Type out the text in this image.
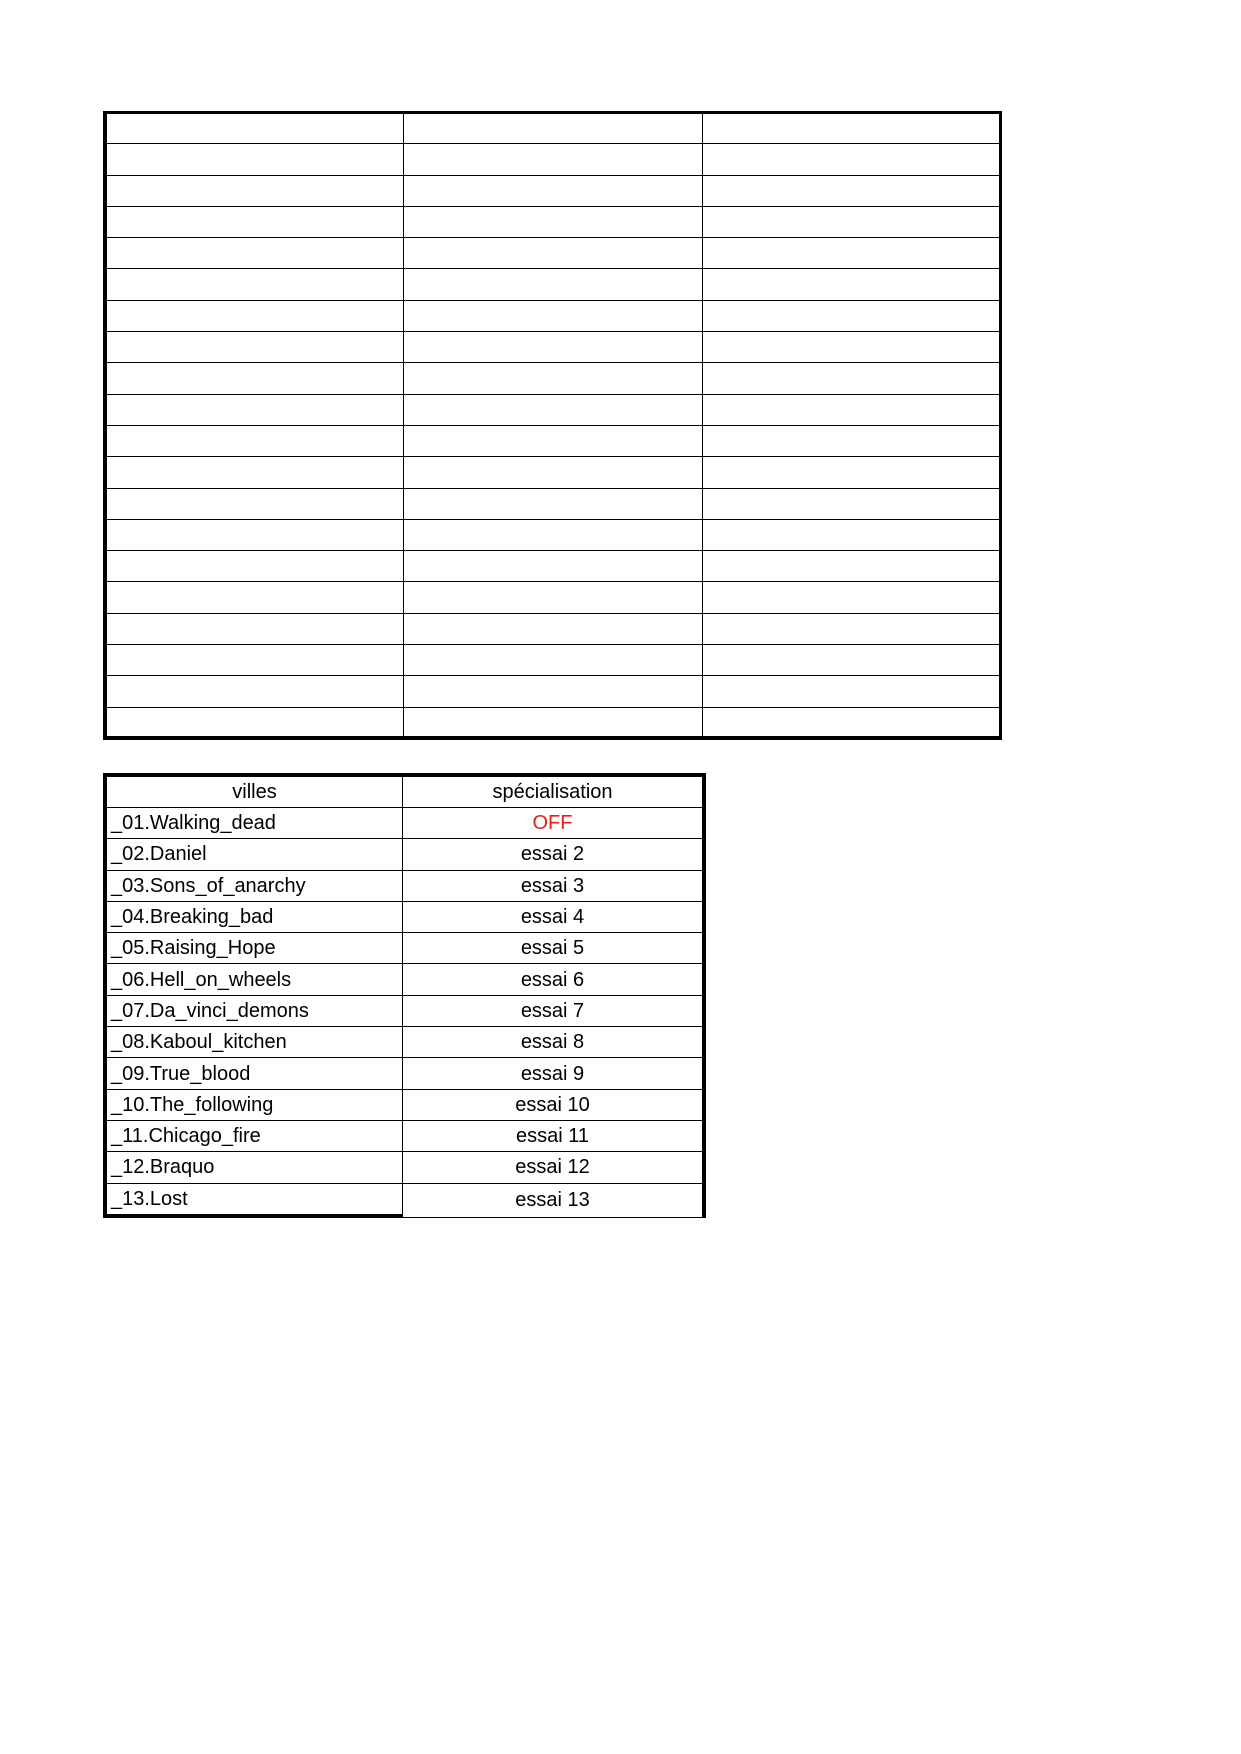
villes	spécialisation
_01.Walking_dead	OFF
_02.Daniel	essai 2
_03.Sons_of_anarchy	essai 3
_04.Breaking_bad	essai 4
_05.Raising_Hope	essai 5
_06.Hell_on_wheels	essai 6
_07.Da_vinci_demons	essai 7
_08.Kaboul_kitchen	essai 8
_09.True_blood	essai 9
_10.The_following	essai 10
_11.Chicago_fire	essai 11
_12.Braquo	essai 12
_13.Lost	essai 13
